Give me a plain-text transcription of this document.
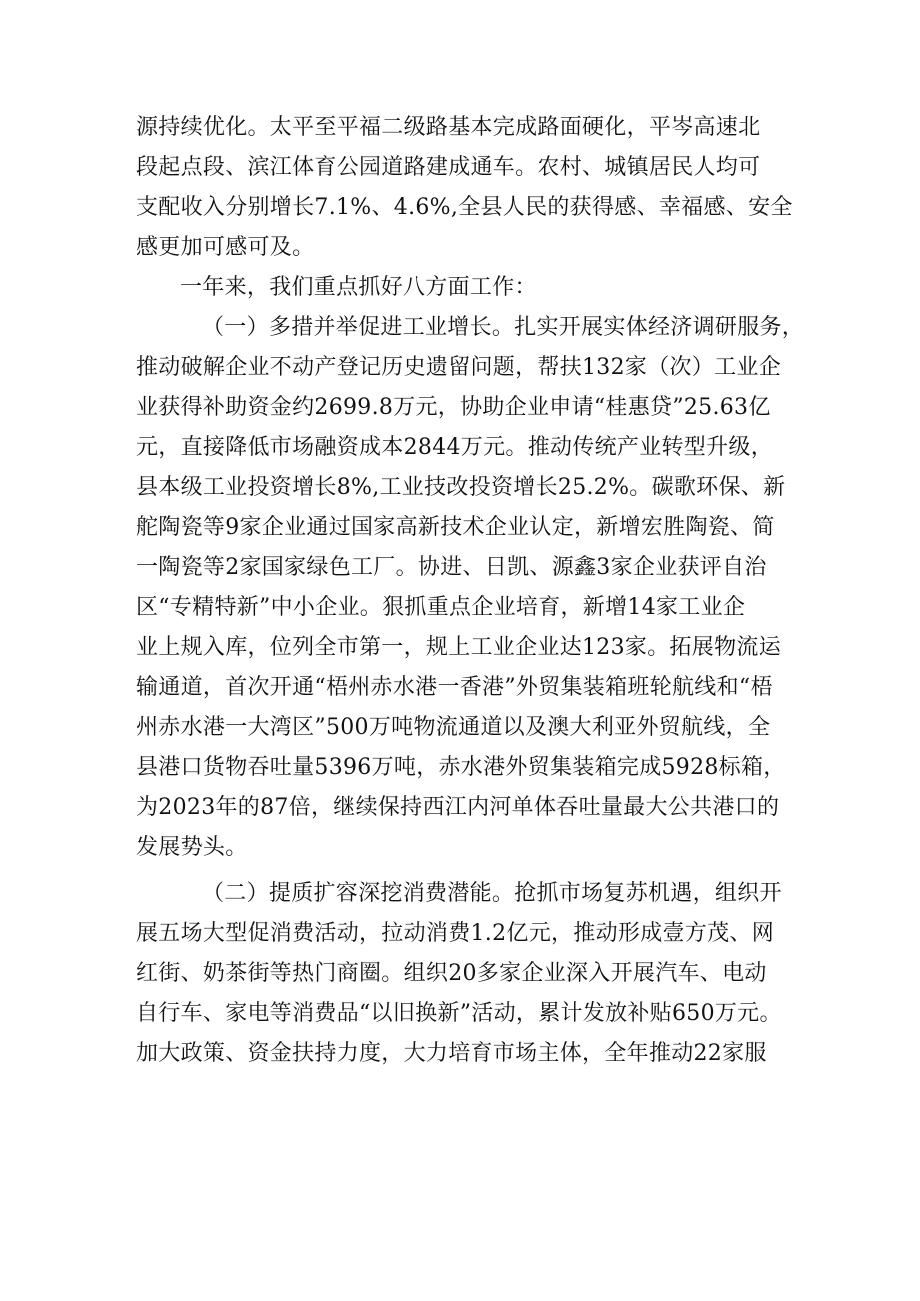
源持续优化。太平至平福二级路基本完成路面硬化，平岑高速北
段起点段、滨江体育公园道路建成通车。农村、城镇居民人均可
支配收入分别增长7.1%、4.6%,全县人民的获得感、幸福感、安全
感更加可感可及。
一年来，我们重点抓好八方面工作：
（一）多措并举促进工业增长。扎实开展实体经济调研服务，
推动破解企业不动产登记历史遗留问题，帮扶132家（次）工业企
业获得补助资金约2699.8万元，协助企业申请“桂惠贷”25.63亿
元，直接降低市场融资成本2844万元。推动传统产业转型升级，
县本级工业投资增长8%,工业技改投资增长25.2%。碳歌环保、新
舵陶瓷等9家企业通过国家高新技术企业认定，新增宏胜陶瓷、简
一陶瓷等2家国家绿色工厂。协进、日凯、源鑫3家企业获评自治
区“专精特新”中小企业。狠抓重点企业培育，新增14家工业企
业上规入库，位列全市第一，规上工业企业达123家。拓展物流运
输通道，首次开通“梧州赤水港一香港”外贸集装箱班轮航线和“梧
州赤水港一大湾区”500万吨物流通道以及澳大利亚外贸航线，全
县港口货物吞吐量5396万吨，赤水港外贸集装箱完成5928标箱，
为2023年的87倍，继续保持西江内河单体吞吐量最大公共港口的
发展势头。
（二）提质扩容深挖消费潜能。抢抓市场复苏机遇，组织开
展五场大型促消费活动，拉动消费1.2亿元，推动形成壹方茂、网
红街、奶茶街等热门商圈。组织20多家企业深入开展汽车、电动
自行车、家电等消费品“以旧换新”活动，累计发放补贴650万元。
加大政策、资金扶持力度，大力培育市场主体，全年推动22家服
